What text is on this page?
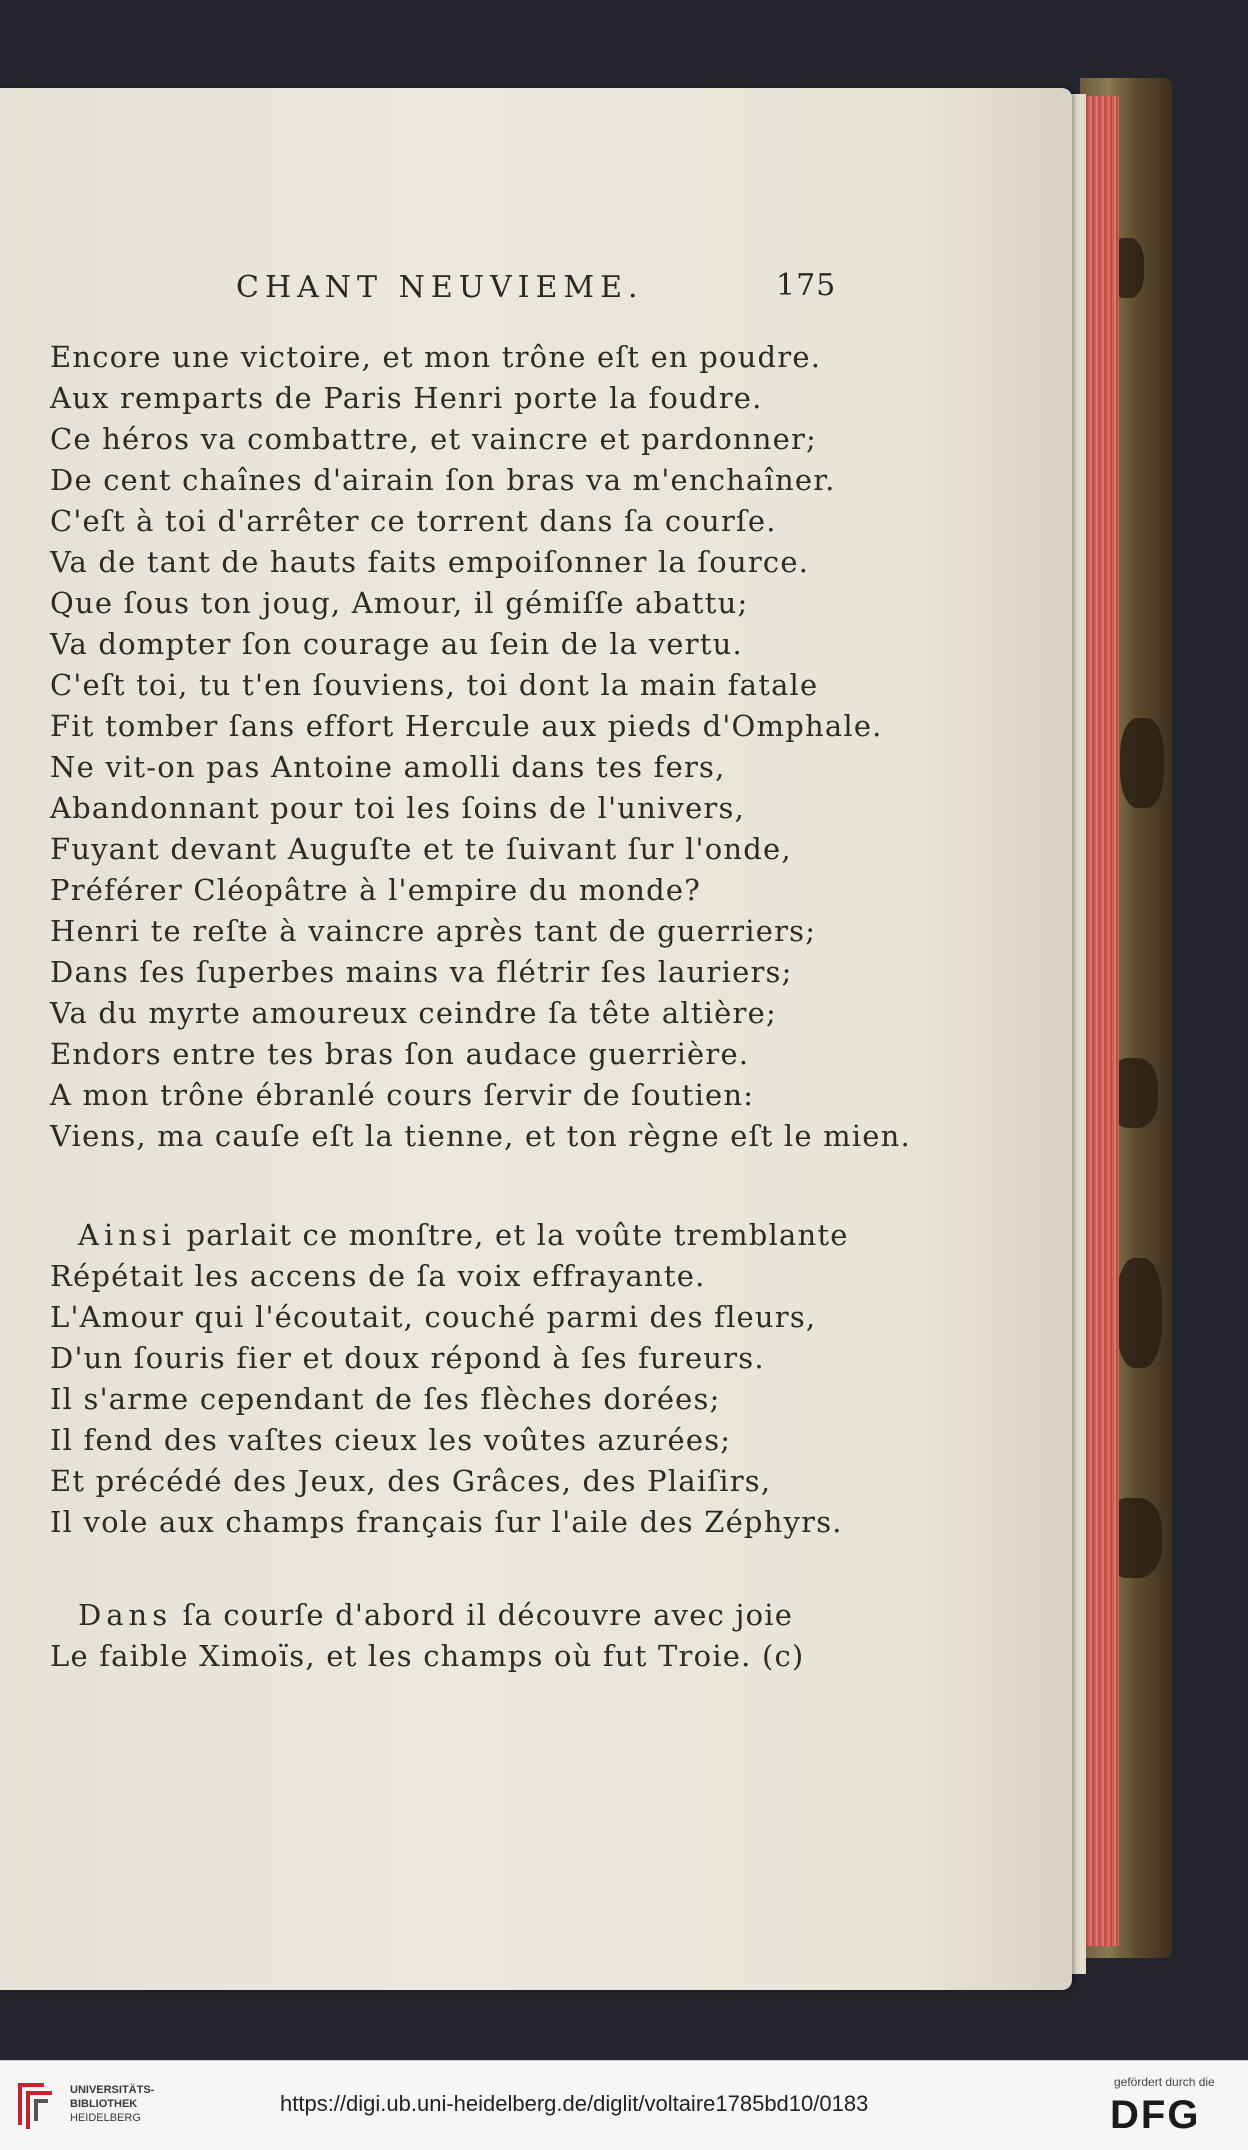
CHANT NEUVIEME.	175
Encore une victoire, et mon trône eſt en poudre.
Aux remparts de Paris Henri porte la foudre.
Ce héros va combattre, et vaincre et pardonner;
De cent chaînes d'airain ſon bras va m'enchaîner.
C'eſt à toi d'arrêter ce torrent dans ſa courſe.
Va de tant de hauts faits empoiſonner la ſource.
Que ſous ton joug, Amour, il gémiſſe abattu;
Va dompter ſon courage au ſein de la vertu.
C'eſt toi, tu t'en ſouviens, toi dont la main fatale
Fit tomber ſans effort Hercule aux pieds d'Omphale.
Ne vit-on pas Antoine amolli dans tes fers,
Abandonnant pour toi les ſoins de l'univers,
Fuyant devant Auguſte et te ſuivant ſur l'onde,
Préférer Cléopâtre à l'empire du monde?
Henri te reſte à vaincre après tant de guerriers;
Dans ſes ſuperbes mains va flétrir ſes lauriers;
Va du myrte amoureux ceindre ſa tête altière;
Endors entre tes bras ſon audace guerrière.
A mon trône ébranlé cours ſervir de ſoutien:
Viens, ma cauſe eſt la tienne, et ton règne eſt le mien.
Ainsi parlait ce monſtre, et la voûte tremblante
Répétait les accens de ſa voix effrayante.
L'Amour qui l'écoutait, couché parmi des fleurs,
D'un ſouris fier et doux répond à ſes fureurs.
Il s'arme cependant de ſes flèches dorées;
Il fend des vaſtes cieux les voûtes azurées;
Et précédé des Jeux, des Grâces, des Plaiſirs,
Il vole aux champs français ſur l'aile des Zéphyrs.
Dans ſa courſe d'abord il découvre avec joie
Le faible Ximoïs, et les champs où fut Troie. (c)
UNIVERSITÄTS-
BIBLIOTHEK
HEIDELBERG
https://digi.ub.uni-heidelberg.de/diglit/voltaire1785bd10/0183
gefördert durch die
DFG
